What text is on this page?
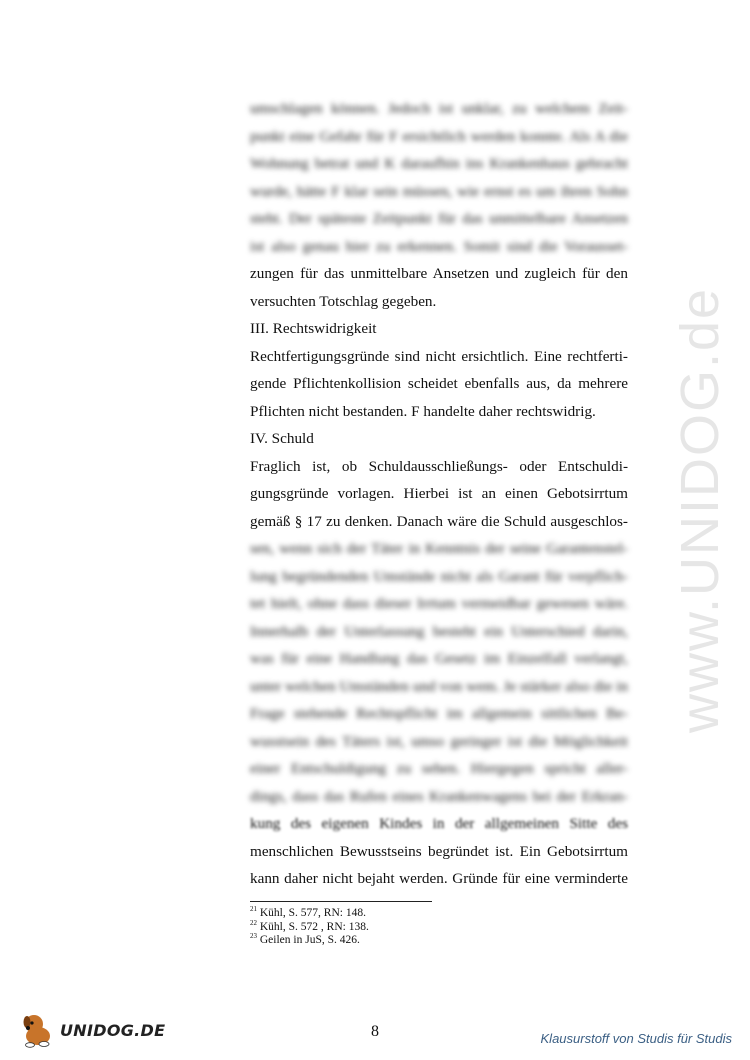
www.UNIDOG.de
umschlagen können. Jedoch ist unklar, zu welchem Zeit-
punkt eine Gefahr für F ersichtlich werden konnte. Als A die
Wohnung betrat und K daraufhin ins Krankenhaus gebracht
wurde, hätte F klar sein müssen, wie ernst es um ihren Sohn
steht. Der späteste Zeitpunkt für das unmittelbare Ansetzen
ist also genau hier zu erkennen. Somit sind die Vorausset-
zungen für das unmittelbare Ansetzen und zugleich für den
versuchten Totschlag gegeben.
III. Rechtswidrigkeit
Rechtfertigungsgründe sind nicht ersichtlich. Eine rechtferti-
gende Pflichtenkollision scheidet ebenfalls aus, da mehrere
Pflichten nicht bestanden. F handelte daher rechtswidrig.
IV. Schuld
Fraglich ist, ob Schuldausschließungs- oder Entschuldi-
gungsgründe vorlagen. Hierbei ist an einen Gebotsirrtum
gemäß § 17 zu denken. Danach wäre die Schuld ausgeschlos-
sen, wenn sich der Täter in Kenntnis der seine Garantenstel-
lung begründenden Umstände nicht als Garant für verpflich-
tet hielt, ohne dass dieser Irrtum vermeidbar gewesen wäre.
Innerhalb der Unterlassung besteht ein Unterschied darin,
was für eine Handlung das Gesetz im Einzelfall verlangt,
unter welchen Umständen und von wem. Je stärker also die in
Frage stehende Rechtspflicht im allgemein sittlichen Be-
wusstsein des Täters ist, umso geringer ist die Möglichkeit
einer Entschuldigung zu sehen. Hiergegen spricht aller-
dings, dass das Rufen eines Krankenwagens bei der Erkran-
kung des eigenen Kindes in der allgemeinen Sitte des
menschlichen Bewusstseins begründet ist. Ein Gebotsirrtum
kann daher nicht bejaht werden. Gründe für eine verminderte
$^{21}$ Kühl, S. 577, RN: 148.
$^{22}$ Kühl, S. 572 , RN: 138.
$^{23}$ Geilen in JuS, S. 426.
UNIDOG.DE	8	Klausurstoff von Studis für Studis
